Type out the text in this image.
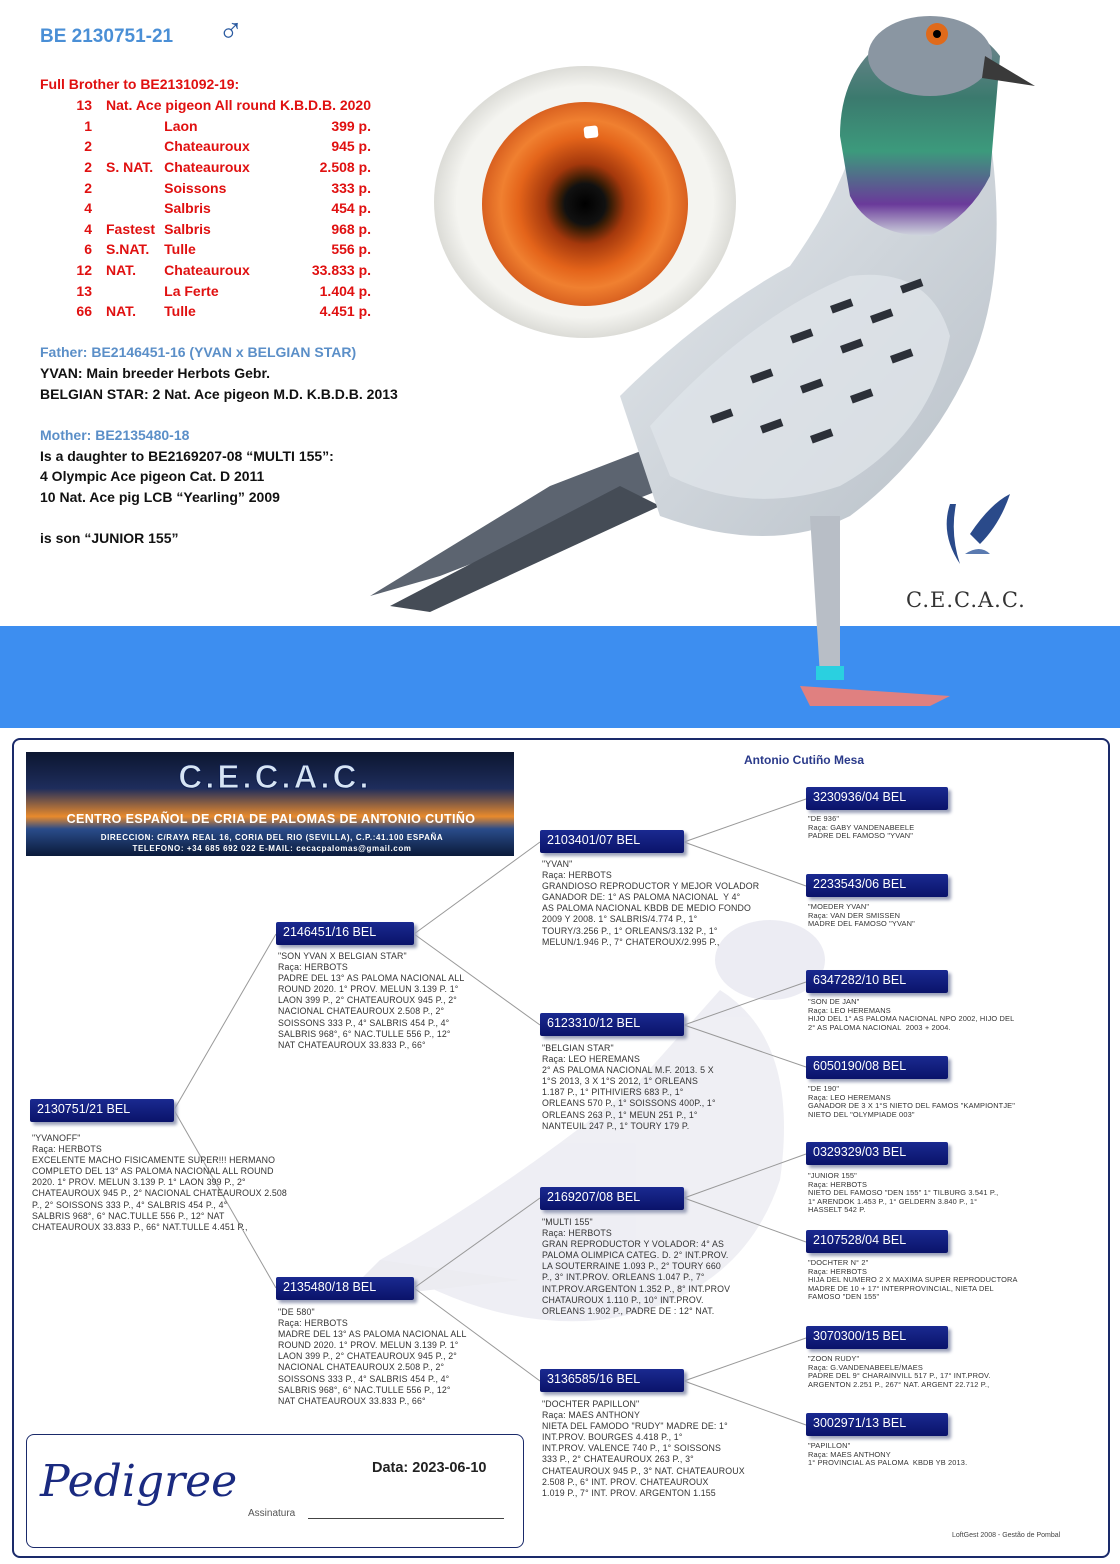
BE 2130751-21 ♂
Full Brother to BE2131092-19:
13	Nat. Ace pigeon All round K.B.D.B. 2020		
1		Laon	399 p.
2		Chateauroux	945 p.
2	S. NAT.	Chateauroux	2.508 p.
2		Soissons	333 p.
4		Salbris	454 p.
4	Fastest	Salbris	968 p.
6	S.NAT.	Tulle	556 p.
12	NAT.	Chateauroux	33.833 p.
13		La Ferte	1.404 p.
66	NAT.	Tulle	4.451 p.
Father: BE2146451-16 (YVAN x BELGIAN STAR)
YVAN: Main breeder Herbots Gebr.
BELGIAN STAR: 2 Nat. Ace pigeon M.D. K.B.D.B. 2013
Mother: BE2135480-18
Is a daughter to BE2169207-08 “MULTI 155”:
4 Olympic Ace pigeon Cat. D 2011
10 Nat. Ace pig LCB “Yearling” 2009
is son “JUNIOR 155”
C.E.C.A.C.
C.E.C.A.C.
CENTRO ESPAÑOL DE CRIA DE PALOMAS DE ANTONIO CUTIÑO
DIRECCION: C/RAYA REAL 16, CORIA DEL RIO (SEVILLA), C.P.:41.100 ESPAÑA
TELEFONO: +34 685 692 022 E-MAIL: cecacpalomas@gmail.com
Antonio Cutiño Mesa
2130751/21 BEL
"YVANOFF"
Raça: HERBOTS
EXCELENTE MACHO FISICAMENTE SUPER!!! HERMANO
COMPLETO DEL 13° AS PALOMA NACIONAL ALL ROUND
2020. 1° PROV. MELUN 3.139 P. 1° LAON 399 P., 2°
CHATEAUROUX 945 P., 2° NACIONAL CHATEAUROUX 2.508
P., 2° SOISSONS 333 P., 4° SALBRIS 454 P., 4°
SALBRIS 968°, 6° NAC.TULLE 556 P., 12° NAT
CHATEAUROUX 33.833 P., 66° NAT.TULLE 4.451 P.,
2146451/16 BEL
"SON YVAN X BELGIAN STAR"
Raça: HERBOTS
PADRE DEL 13° AS PALOMA NACIONAL ALL
ROUND 2020. 1° PROV. MELUN 3.139 P. 1°
LAON 399 P., 2° CHATEAUROUX 945 P., 2°
NACIONAL CHATEAUROUX 2.508 P., 2°
SOISSONS 333 P., 4° SALBRIS 454 P., 4°
SALBRIS 968°, 6° NAC.TULLE 556 P., 12°
NAT CHATEAUROUX 33.833 P., 66°
2135480/18 BEL
"DE 580"
Raça: HERBOTS
MADRE DEL 13° AS PALOMA NACIONAL ALL
ROUND 2020. 1° PROV. MELUN 3.139 P. 1°
LAON 399 P., 2° CHATEAUROUX 945 P., 2°
NACIONAL CHATEAUROUX 2.508 P., 2°
SOISSONS 333 P., 4° SALBRIS 454 P., 4°
SALBRIS 968°, 6° NAC.TULLE 556 P., 12°
NAT CHATEAUROUX 33.833 P., 66°
2103401/07 BEL
"YVAN"
Raça: HERBOTS
GRANDIOSO REPRODUCTOR Y MEJOR VOLADOR
GANADOR DE: 1° AS PALOMA NACIONAL  Y 4°
AS PALOMA NACIONAL KBDB DE MEDIO FONDO
2009 Y 2008. 1° SALBRIS/4.774 P., 1°
TOURY/3.256 P., 1° ORLEANS/3.132 P., 1°
MELUN/1.946 P., 7° CHATEROUX/2.995 P.,
6123310/12 BEL
"BELGIAN STAR"
Raça: LEO HEREMANS
2° AS PALOMA NACIONAL M.F. 2013. 5 X
1°S 2013, 3 X 1°S 2012, 1° ORLEANS
1.187 P., 1° PITHIVIERS 683 P., 1°
ORLEANS 570 P., 1° SOISSONS 400P., 1°
ORLEANS 263 P., 1° MEUN 251 P., 1°
NANTEUIL 247 P., 1° TOURY 179 P.
2169207/08 BEL
"MULTI 155"
Raça: HERBOTS
GRAN REPRODUCTOR Y VOLADOR: 4° AS
PALOMA OLIMPICA CATEG. D. 2° INT.PROV.
LA SOUTERRAINE 1.093 P., 2° TOURY 660
P., 3° INT.PROV. ORLEANS 1.047 P., 7°
INT.PROV.ARGENTON 1.352 P., 8° INT.PROV
CHATAUROUX 1.110 P., 10° INT.PROV.
ORLEANS 1.902 P., PADRE DE : 12° NAT.
3136585/16 BEL
"DOCHTER PAPILLON"
Raça: MAES ANTHONY
NIETA DEL FAMODO "RUDY" MADRE DE: 1°
INT.PROV. BOURGES 4.418 P., 1°
INT.PROV. VALENCE 740 P., 1° SOISSONS
333 P., 2° CHATEAUROUX 263 P., 3°
CHATEAUROUX 945 P., 3° NAT. CHATEAUROUX
2.508 P., 6° INT. PROV. CHATEAUROUX
1.019 P., 7° INT. PROV. ARGENTON 1.155
3230936/04 BEL
"DE 936"
Raça: GABY VANDENABEELE
PADRE DEL FAMOSO "YVAN"
2233543/06 BEL
"MOEDER YVAN"
Raça: VAN DER SMISSEN
MADRE DEL FAMOSO "YVAN"
6347282/10 BEL
"SON DE JAN"
Raça: LEO HEREMANS
HIJO DEL 1° AS PALOMA NACIONAL NPO 2002, HIJO DEL
2° AS PALOMA NACIONAL  2003 + 2004.
6050190/08 BEL
"DE 190"
Raça: LEO HEREMANS
GANADOR DE 3 X 1°S NIETO DEL FAMOS "KAMPIONTJE"
NIETO DEL "OLYMPIADE 003"
0329329/03 BEL
"JUNIOR 155"
Raça: HERBOTS
NIETO DEL FAMOSO "DEN 155" 1° TILBURG 3.541 P.,
1° ARENDOK 1.453 P., 1° GELDERN 3.840 P., 1°
HASSELT 542 P.
2107528/04 BEL
"DOCHTER N° 2"
Raça: HERBOTS
HIJA DEL NUMERO 2 X MAXIMA SUPER REPRODUCTORA
MADRE DE 10 + 17° INTERPROVINCIAL, NIETA DEL
FAMOSO "DEN 155"
3070300/15 BEL
"ZOON RUDY"
Raça: G.VANDENABEELE/MAES
PADRE DEL 9° CHARAINVILL 517 P., 17° INT.PROV.
ARGENTON 2.251 P., 267° NAT. ARGENT 22.712 P.,
3002971/13 BEL
"PAPILLON"
Raça: MAES ANTHONY
1° PROVINCIAL AS PALOMA  KBDB YB 2013.
Pedigree	Data: 2023-06-10
Assinatura
LoftGest 2008 - Gestão de Pombal
